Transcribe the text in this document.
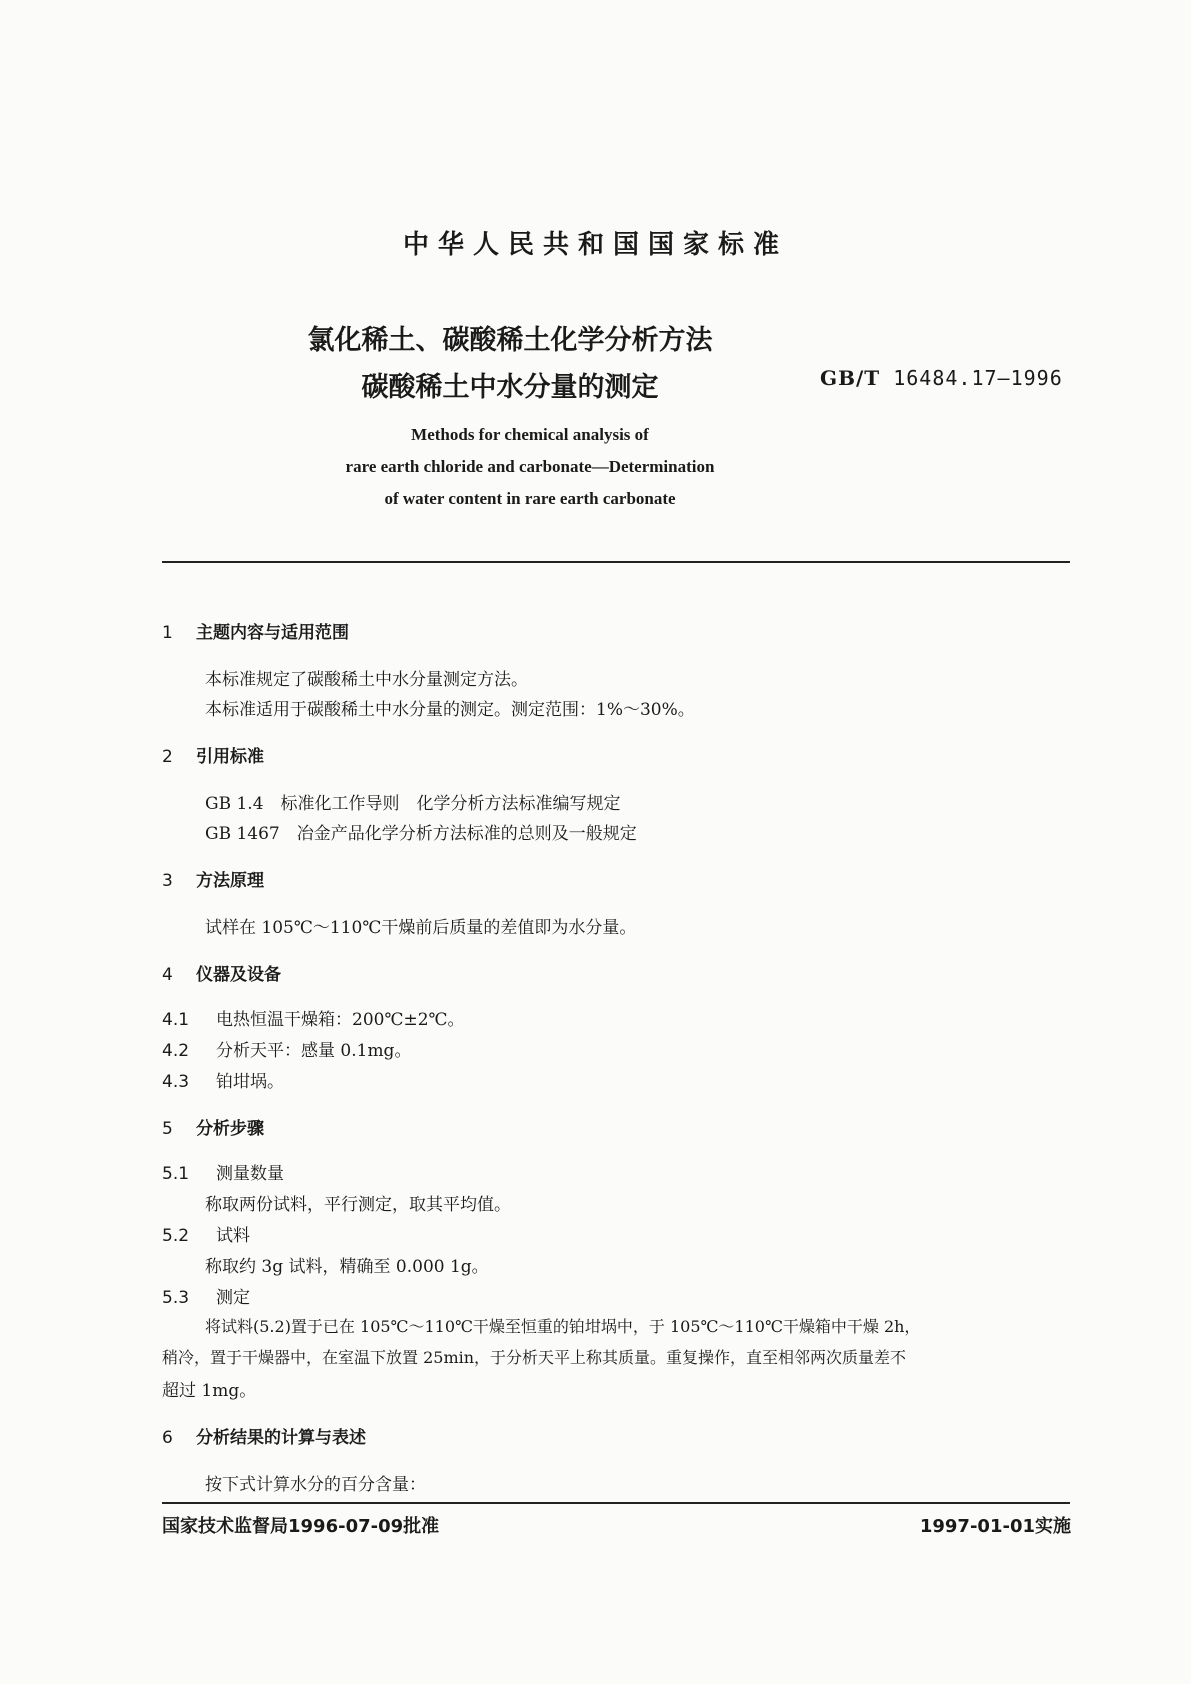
中华人民共和国国家标准
氯化稀土、碳酸稀土化学分析方法
碳酸稀土中水分量的测定	GB/T 16484.17—1996
Methods for chemical analysis of
rare earth chloride and carbonate—Determination
of water content in rare earth carbonate
1 主题内容与适用范围
本标准规定了碳酸稀土中水分量测定方法。
本标准适用于碳酸稀土中水分量的测定。测定范围：1%～30%。
2 引用标准
GB 1.4　标准化工作导则　化学分析方法标准编写规定
GB 1467　冶金产品化学分析方法标准的总则及一般规定
3 方法原理
试样在 105℃～110℃干燥前后质量的差值即为水分量。
4 仪器及设备
4.1 电热恒温干燥箱：200℃±2℃。
4.2 分析天平：感量 0.1mg。
4.3 铂坩埚。
5 分析步骤
5.1 测量数量
称取两份试料，平行测定，取其平均值。
5.2 试料
称取约 3g 试料，精确至 0.000 1g。
5.3 测定
将试料(5.2)置于已在 105℃～110℃干燥至恒重的铂坩埚中，于 105℃～110℃干燥箱中干燥 2h，
稍冷，置于干燥器中，在室温下放置 25min，于分析天平上称其质量。重复操作，直至相邻两次质量差不
超过 1mg。
6 分析结果的计算与表述
按下式计算水分的百分含量：
国家技术监督局1996-07-09批准	1997-01-01实施
